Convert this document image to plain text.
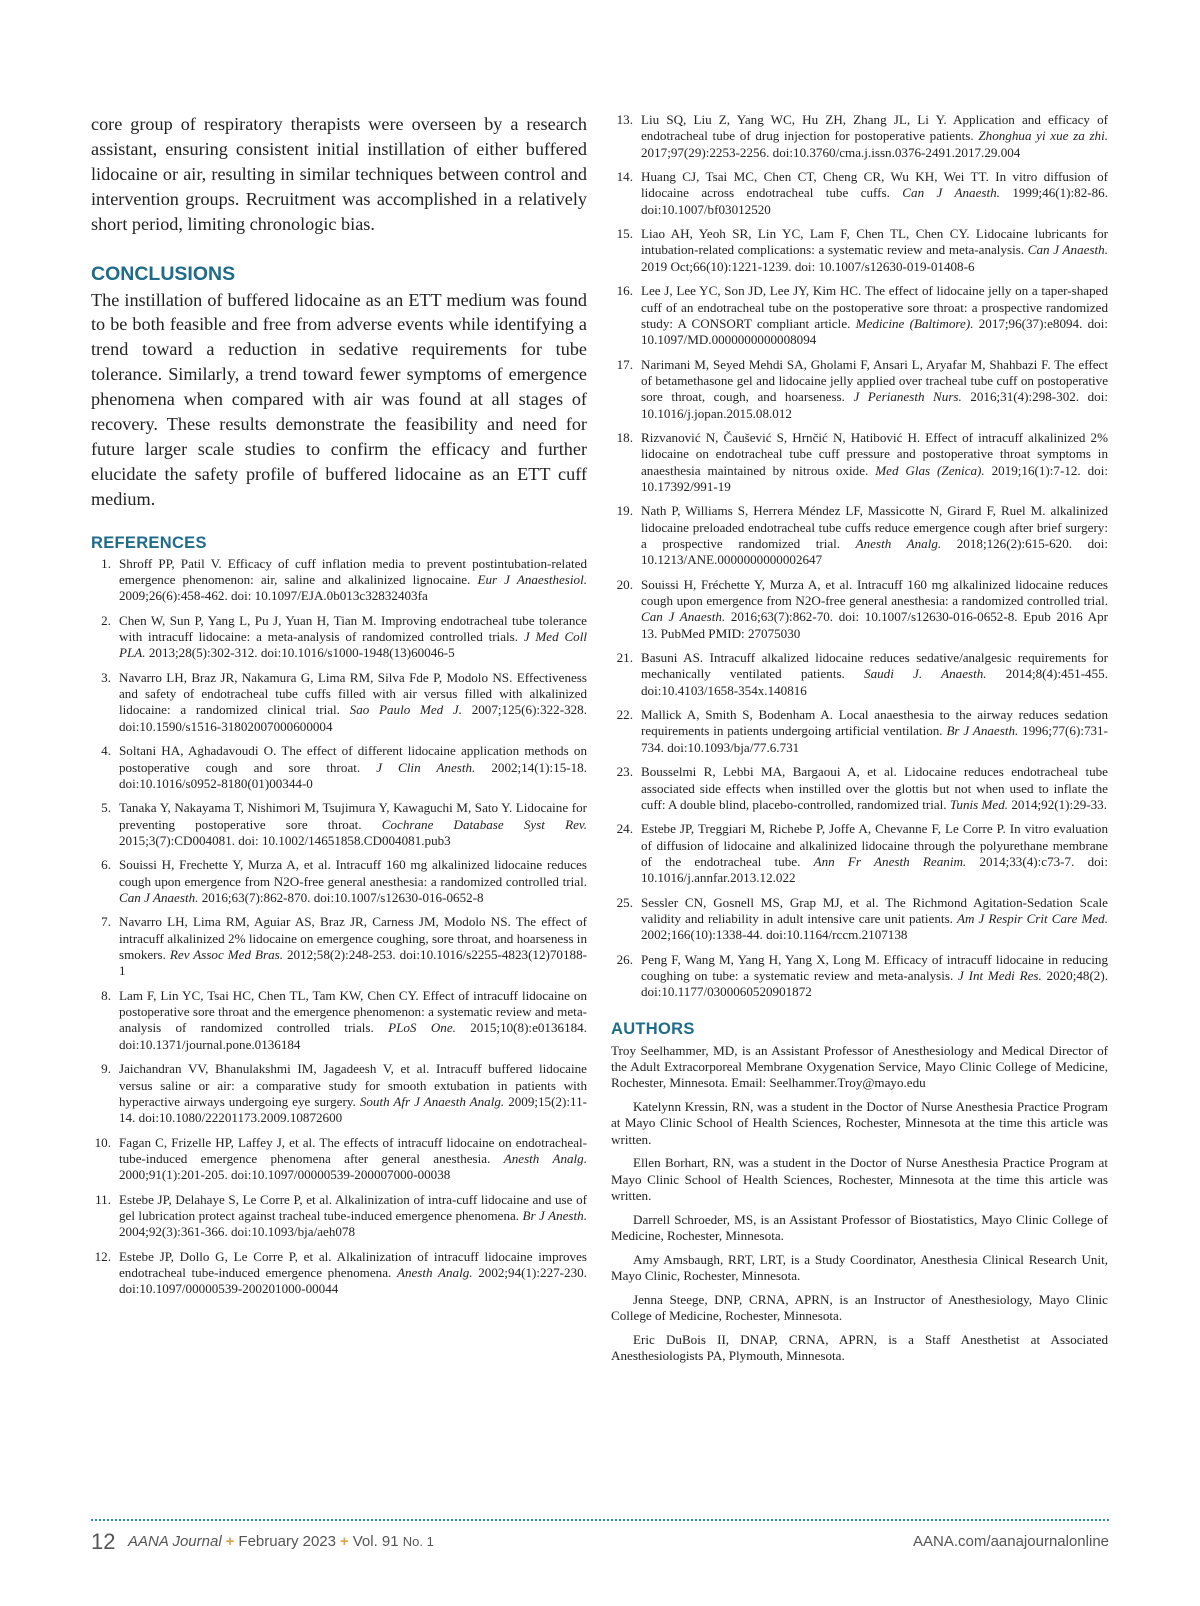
core group of respiratory therapists were overseen by a research assistant, ensuring consistent initial instillation of either buffered lidocaine or air, resulting in similar techniques between control and intervention groups. Recruitment was accomplished in a relatively short period, limiting chronologic bias.

CONCLUSIONS

The instillation of buffered lidocaine as an ETT medium was found to be both feasible and free from adverse events while identifying a trend toward a reduction in sedative requirements for tube tolerance. Similarly, a trend toward fewer symptoms of emergence phenomena when compared with air was found at all stages of recovery. These results demonstrate the feasibility and need for future larger scale studies to confirm the efficacy and further elucidate the safety profile of buffered lidocaine as an ETT cuff medium.

REFERENCES
1. Shroff PP, Patil V. Efficacy of cuff inflation media to prevent postintubation-related emergence phenomenon: air, saline and alkalinized lignocaine. Eur J Anaesthesiol. 2009;26(6):458-462. doi: 10.1097/EJA.0b013c32832403fa
2. Chen W, Sun P, Yang L, Pu J, Yuan H, Tian M. Improving endotracheal tube tolerance with intracuff lidocaine: a meta-analysis of randomized controlled trials. J Med Coll PLA. 2013;28(5):302-312. doi:10.1016/s1000-1948(13)60046-5
3. Navarro LH, Braz JR, Nakamura G, Lima RM, Silva Fde P, Modolo NS. Effectiveness and safety of endotracheal tube cuffs filled with air versus filled with alkalinized lidocaine: a randomized clinical trial. Sao Paulo Med J. 2007;125(6):322-328. doi:10.1590/s1516-31802007000600004
4. Soltani HA, Aghadavoudi O. The effect of different lidocaine application methods on postoperative cough and sore throat. J Clin Anesth. 2002;14(1):15-18. doi:10.1016/s0952-8180(01)00344-0
5. Tanaka Y, Nakayama T, Nishimori M, Tsujimura Y, Kawaguchi M, Sato Y. Lidocaine for preventing postoperative sore throat. Cochrane Database Syst Rev. 2015;3(7):CD004081. doi: 10.1002/14651858.CD004081.pub3
6. Souissi H, Frechette Y, Murza A, et al. Intracuff 160 mg alkalinized lidocaine reduces cough upon emergence from N2O-free general anesthesia: a randomized controlled trial. Can J Anaesth. 2016;63(7):862-870. doi:10.1007/s12630-016-0652-8
7. Navarro LH, Lima RM, Aguiar AS, Braz JR, Carness JM, Modolo NS. The effect of intracuff alkalinized 2% lidocaine on emergence coughing, sore throat, and hoarseness in smokers. Rev Assoc Med Bras. 2012;58(2):248-253. doi:10.1016/s2255-4823(12)70188-1
8. Lam F, Lin YC, Tsai HC, Chen TL, Tam KW, Chen CY. Effect of intracuff lidocaine on postoperative sore throat and the emergence phenomenon: a systematic review and meta-analysis of randomized controlled trials. PLoS One. 2015;10(8):e0136184. doi:10.1371/journal.pone.0136184
9. Jaichandran VV, Bhanulakshmi IM, Jagadeesh V, et al. Intracuff buffered lidocaine versus saline or air: a comparative study for smooth extubation in patients with hyperactive airways undergoing eye surgery. South Afr J Anaesth Analg. 2009;15(2):11-14. doi:10.1080/22201173.2009.10872600
10. Fagan C, Frizelle HP, Laffey J, et al. The effects of intracuff lidocaine on endotracheal-tube-induced emergence phenomena after general anesthesia. Anesth Analg. 2000;91(1):201-205. doi:10.1097/00000539-200007000-00038
11. Estebe JP, Delahaye S, Le Corre P, et al. Alkalinization of intra-cuff lidocaine and use of gel lubrication protect against tracheal tube-induced emergence phenomena. Br J Anesth. 2004;92(3):361-366. doi:10.1093/bja/aeh078
12. Estebe JP, Dollo G, Le Corre P, et al. Alkalinization of intracuff lidocaine improves endotracheal tube-induced emergence phenomena. Anesth Analg. 2002;94(1):227-230. doi:10.1097/00000539-200201000-00044
13. Liu SQ, Liu Z, Yang WC, Hu ZH, Zhang JL, Li Y. Application and efficacy of endotracheal tube of drug injection for postoperative patients. Zhonghua yi xue za zhi. 2017;97(29):2253-2256. doi:10.3760/cma.j.issn.0376-2491.2017.29.004
14. Huang CJ, Tsai MC, Chen CT, Cheng CR, Wu KH, Wei TT. In vitro diffusion of lidocaine across endotracheal tube cuffs. Can J Anaesth. 1999;46(1):82-86. doi:10.1007/bf03012520
15. Liao AH, Yeoh SR, Lin YC, Lam F, Chen TL, Chen CY. Lidocaine lubricants for intubation-related complications: a systematic review and meta-analysis. Can J Anaesth. 2019 Oct;66(10):1221-1239. doi: 10.1007/s12630-019-01408-6
16. Lee J, Lee YC, Son JD, Lee JY, Kim HC. The effect of lidocaine jelly on a taper-shaped cuff of an endotracheal tube on the postoperative sore throat: a prospective randomized study: A CONSORT compliant article. Medicine (Baltimore). 2017;96(37):e8094. doi: 10.1097/MD.0000000000008094
17. Narimani M, Seyed Mehdi SA, Gholami F, Ansari L, Aryafar M, Shahbazi F. The effect of betamethasone gel and lidocaine jelly applied over tracheal tube cuff on postoperative sore throat, cough, and hoarseness. J Perianesth Nurs. 2016;31(4):298-302. doi: 10.1016/j.jopan.2015.08.012
18. Rizvanović N, Čaušević S, Hrnčić N, Hatibović H. Effect of intracuff alkalinized 2% lidocaine on endotracheal tube cuff pressure and postoperative throat symptoms in anaesthesia maintained by nitrous oxide. Med Glas (Zenica). 2019;16(1):7-12. doi: 10.17392/991-19
19. Nath P, Williams S, Herrera Méndez LF, Massicotte N, Girard F, Ruel M. alkalinized lidocaine preloaded endotracheal tube cuffs reduce emergence cough after brief surgery: a prospective randomized trial. Anesth Analg. 2018;126(2):615-620. doi: 10.1213/ANE.0000000000002647
20. Souissi H, Fréchette Y, Murza A, et al. Intracuff 160 mg alkalinized lidocaine reduces cough upon emergence from N2O-free general anesthesia: a randomized controlled trial. Can J Anaesth. 2016;63(7):862-70. doi: 10.1007/s12630-016-0652-8. Epub 2016 Apr 13. PubMed PMID: 27075030
21. Basuni AS. Intracuff alkalized lidocaine reduces sedative/analgesic requirements for mechanically ventilated patients. Saudi J. Anaesth. 2014;8(4):451-455. doi:10.4103/1658-354x.140816
22. Mallick A, Smith S, Bodenham A. Local anaesthesia to the airway reduces sedation requirements in patients undergoing artificial ventilation. Br J Anaesth. 1996;77(6):731-734. doi:10.1093/bja/77.6.731
23. Bousselmi R, Lebbi MA, Bargaoui A, et al. Lidocaine reduces endotracheal tube associated side effects when instilled over the glottis but not when used to inflate the cuff: A double blind, placebo-controlled, randomized trial. Tunis Med. 2014;92(1):29-33.
24. Estebe JP, Treggiari M, Richebe P, Joffe A, Chevanne F, Le Corre P. In vitro evaluation of diffusion of lidocaine and alkalinized lidocaine through the polyurethane membrane of the endotracheal tube. Ann Fr Anesth Reanim. 2014;33(4):c73-7. doi: 10.1016/j.annfar.2013.12.022
25. Sessler CN, Gosnell MS, Grap MJ, et al. The Richmond Agitation-Sedation Scale validity and reliability in adult intensive care unit patients. Am J Respir Crit Care Med. 2002;166(10):1338-44. doi:10.1164/rccm.2107138
26. Peng F, Wang M, Yang H, Yang X, Long M. Efficacy of intracuff lidocaine in reducing coughing on tube: a systematic review and meta-analysis. J Int Medi Res. 2020;48(2). doi:10.1177/0300060520901872
AUTHORS

Troy Seelhammer, MD, is an Assistant Professor of Anesthesiology and Medical Director of the Adult Extracorporeal Membrane Oxygenation Service, Mayo Clinic College of Medicine, Rochester, Minnesota. Email: Seelhammer.Troy@mayo.edu

Katelynn Kressin, RN, was a student in the Doctor of Nurse Anesthesia Practice Program at Mayo Clinic School of Health Sciences, Rochester, Minnesota at the time this article was written.

Ellen Borhart, RN, was a student in the Doctor of Nurse Anesthesia Practice Program at Mayo Clinic School of Health Sciences, Rochester, Minnesota at the time this article was written.

Darrell Schroeder, MS, is an Assistant Professor of Biostatistics, Mayo Clinic College of Medicine, Rochester, Minnesota.

Amy Amsbaugh, RRT, LRT, is a Study Coordinator, Anesthesia Clinical Research Unit, Mayo Clinic, Rochester, Minnesota.

Jenna Steege, DNP, CRNA, APRN, is an Instructor of Anesthesiology, Mayo Clinic College of Medicine, Rochester, Minnesota.

Eric DuBois II, DNAP, CRNA, APRN, is a Staff Anesthetist at Associated Anesthesiologists PA, Plymouth, Minnesota.

12 AANA Journal + February 2023 + Vol. 91 No. 1	AANA.com/aanajournalonline
